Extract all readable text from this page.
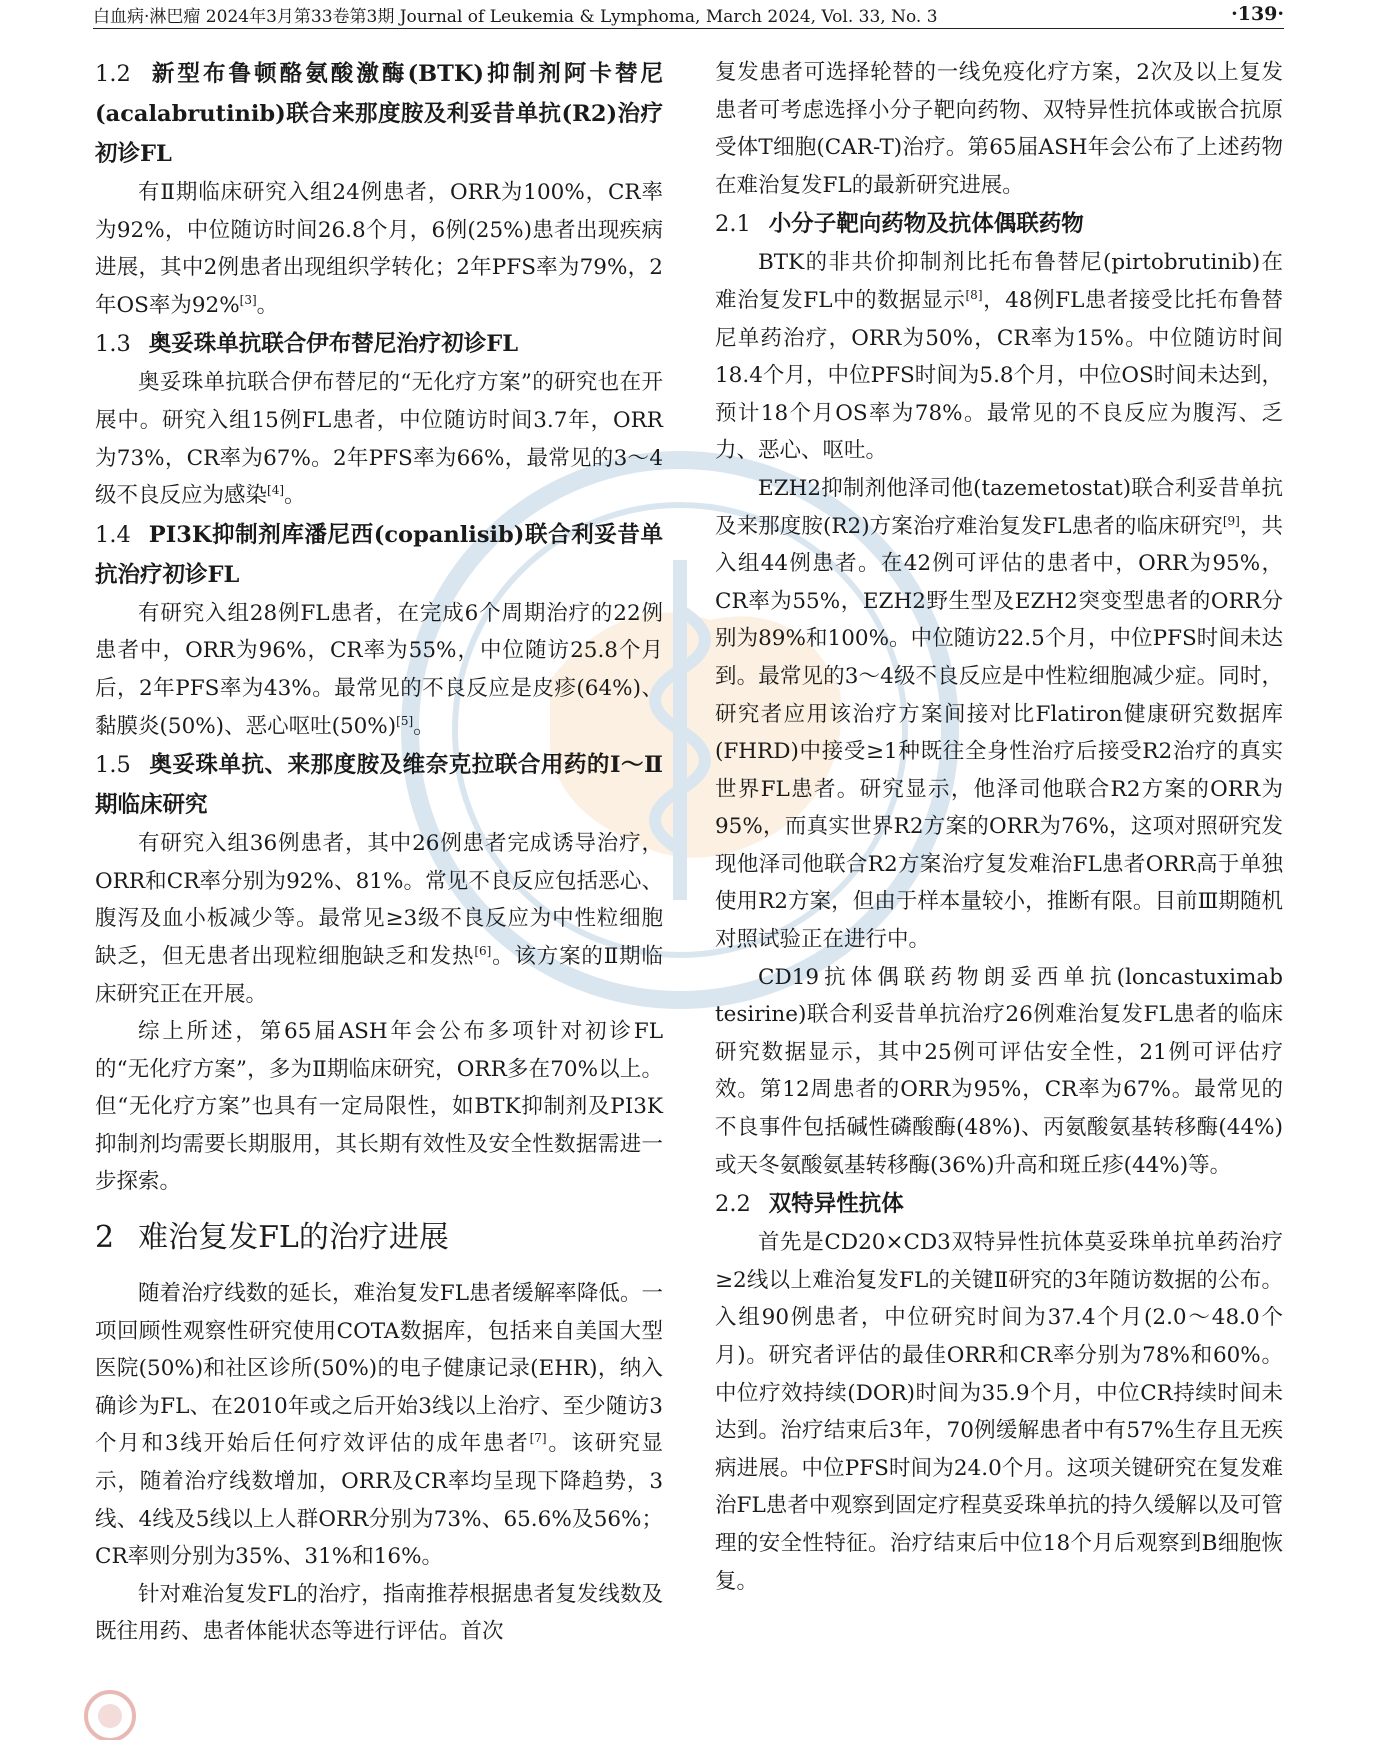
白血病·淋巴瘤 2024年3月第33卷第3期 Journal of Leukemia & Lymphoma, March 2024, Vol. 33, No. 3	·139·
1.2 新型布鲁顿酪氨酸激酶(BTK)抑制剂阿卡替尼(acalabrutinib)联合来那度胺及利妥昔单抗(R2)治疗初诊FL

有Ⅱ期临床研究入组24例患者，ORR为100%，CR率为92%，中位随访时间26.8个月，6例(25%)患者出现疾病进展，其中2例患者出现组织学转化；2年PFS率为79%，2年OS率为92%[3]。

1.3 奥妥珠单抗联合伊布替尼治疗初诊FL

奥妥珠单抗联合伊布替尼的“无化疗方案”的研究也在开展中。研究入组15例FL患者，中位随访时间3.7年，ORR为73%，CR率为67%。2年PFS率为66%，最常见的3～4级不良反应为感染[4]。

1.4 PI3K抑制剂库潘尼西(copanlisib)联合利妥昔单抗治疗初诊FL

有研究入组28例FL患者，在完成6个周期治疗的22例患者中，ORR为96%，CR率为55%，中位随访25.8个月后，2年PFS率为43%。最常见的不良反应是皮疹(64%)、黏膜炎(50%)、恶心呕吐(50%)[5]。

1.5 奥妥珠单抗、来那度胺及维奈克拉联合用药的Ⅰ～Ⅱ期临床研究

有研究入组36例患者，其中26例患者完成诱导治疗，ORR和CR率分别为92%、81%。常见不良反应包括恶心、腹泻及血小板减少等。最常见≥3级不良反应为中性粒细胞缺乏，但无患者出现粒细胞缺乏和发热[6]。该方案的Ⅱ期临床研究正在开展。

综上所述，第65届ASH年会公布多项针对初诊FL的“无化疗方案”，多为Ⅱ期临床研究，ORR多在70%以上。但“无化疗方案”也具有一定局限性，如BTK抑制剂及PI3K抑制剂均需要长期服用，其长期有效性及安全性数据需进一步探索。

2 难治复发FL的治疗进展

随着治疗线数的延长，难治复发FL患者缓解率降低。一项回顾性观察性研究使用COTA数据库，包括来自美国大型医院(50%)和社区诊所(50%)的电子健康记录(EHR)，纳入确诊为FL、在2010年或之后开始3线以上治疗、至少随访3个月和3线开始后任何疗效评估的成年患者[7]。该研究显示，随着治疗线数增加，ORR及CR率均呈现下降趋势，3线、4线及5线以上人群ORR分别为73%、65.6%及56%；CR率则分别为35%、31%和16%。

针对难治复发FL的治疗，指南推荐根据患者复发线数及既往用药、患者体能状态等进行评估。首次

复发患者可选择轮替的一线免疫化疗方案，2次及以上复发患者可考虑选择小分子靶向药物、双特异性抗体或嵌合抗原受体T细胞(CAR-T)治疗。第65届ASH年会公布了上述药物在难治复发FL的最新研究进展。

2.1 小分子靶向药物及抗体偶联药物

BTK的非共价抑制剂比托布鲁替尼(pirtobrutinib)在难治复发FL中的数据显示[8]，48例FL患者接受比托布鲁替尼单药治疗，ORR为50%，CR率为15%。中位随访时间18.4个月，中位PFS时间为5.8个月，中位OS时间未达到，预计18个月OS率为78%。最常见的不良反应为腹泻、乏力、恶心、呕吐。

EZH2抑制剂他泽司他(tazemetostat)联合利妥昔单抗及来那度胺(R2)方案治疗难治复发FL患者的临床研究[9]，共入组44例患者。在42例可评估的患者中，ORR为95%，CR率为55%，EZH2野生型及EZH2突变型患者的ORR分别为89%和100%。中位随访22.5个月，中位PFS时间未达到。最常见的3～4级不良反应是中性粒细胞减少症。同时，研究者应用该治疗方案间接对比Flatiron健康研究数据库(FHRD)中接受≥1种既往全身性治疗后接受R2治疗的真实世界FL患者。研究显示，他泽司他联合R2方案的ORR为95%，而真实世界R2方案的ORR为76%，这项对照研究发现他泽司他联合R2方案治疗复发难治FL患者ORR高于单独使用R2方案，但由于样本量较小，推断有限。目前Ⅲ期随机对照试验正在进行中。

CD19抗体偶联药物朗妥西单抗(loncastuximab tesirine)联合利妥昔单抗治疗26例难治复发FL患者的临床研究数据显示，其中25例可评估安全性，21例可评估疗效。第12周患者的ORR为95%，CR率为67%。最常见的不良事件包括碱性磷酸酶(48%)、丙氨酸氨基转移酶(44%)或天冬氨酸氨基转移酶(36%)升高和斑丘疹(44%)等。

2.2 双特异性抗体

首先是CD20×CD3双特异性抗体莫妥珠单抗单药治疗≥2线以上难治复发FL的关键Ⅱ研究的3年随访数据的公布。入组90例患者，中位研究时间为37.4个月(2.0～48.0个月)。研究者评估的最佳ORR和CR率分别为78%和60%。中位疗效持续(DOR)时间为35.9个月，中位CR持续时间未达到。治疗结束后3年，70例缓解患者中有57%生存且无疾病进展。中位PFS时间为24.0个月。这项关键研究在复发难治FL患者中观察到固定疗程莫妥珠单抗的持久缓解以及可管理的安全性特征。治疗结束后中位18个月后观察到B细胞恢复。
